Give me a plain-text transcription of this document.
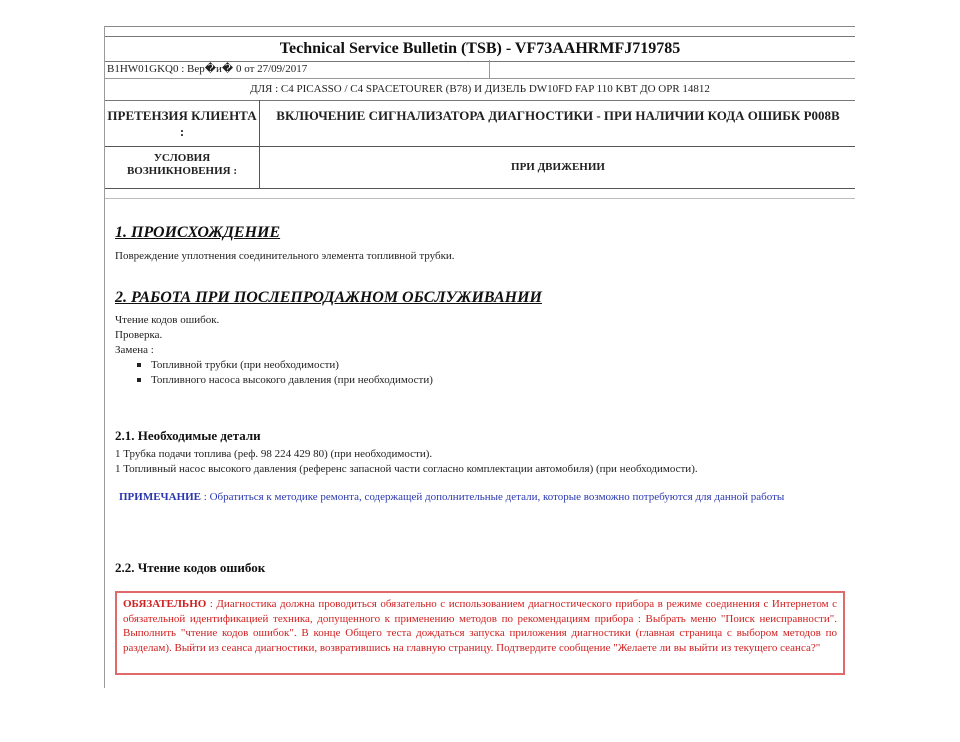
Technical Service Bulletin (TSB) - VF73AAHRMFJ719785
B1HW01GKQ0 : Вер�и� 0 от 27/09/2017
ДЛЯ : C4 PICASSO / C4 SPACETOURER (B78) И ДИЗЕЛЬ DW10FD FAP 110 KBT ДО OPR 14812
ПРЕТЕНЗИЯ КЛИЕНТА :
ВКЛЮЧЕНИЕ СИГНАЛИЗАТОРА ДИАГНОСТИКИ - ПРИ НАЛИЧИИ КОДА ОШИБК P008B
УСЛОВИЯ ВОЗНИКНОВЕНИЯ :	ПРИ ДВИЖЕНИИ
1. ПРОИСХОЖДЕНИЕ

Повреждение уплотнения соединительного элемента топливной трубки.

2. РАБОТА ПРИ ПОСЛЕПРОДАЖНОМ ОБСЛУЖИВАНИИ

Чтение кодов ошибок.

Проверка.

Замена :

Топливной трубки (при необходимости)
Топливного насоса высокого давления (при необходимости)
2.1. Необходимые детали

1 Трубка подачи топлива (реф. 98 224 429 80) (при необходимости).

1 Топливный насос высокого давления (референс запасной части согласно комплектации автомобиля) (при необходимости).

ПРИМЕЧАНИЕ : Обратиться к методике ремонта, содержащей дополнительные детали, которые возможно потребуются для данной работы
2.2. Чтение кодов ошибок
ОБЯЗАТЕЛЬНО : Диагностика должна проводиться обязательно с использованием диагностического прибора в режиме соединения с Интернетом с обязательной идентификацией техника, допущенного к применению методов по рекомендациям прибора : Выбрать меню "Поиск неисправности". Выполнить "чтение кодов ошибок". В конце Общего теста дождаться запуска приложения диагностики (главная страница с выбором методов по разделам). Выйти из сеанса диагностики, возвратившись на главную страницу. Подтвердите сообщение "Желаете ли вы выйти из текущего сеанса?"
